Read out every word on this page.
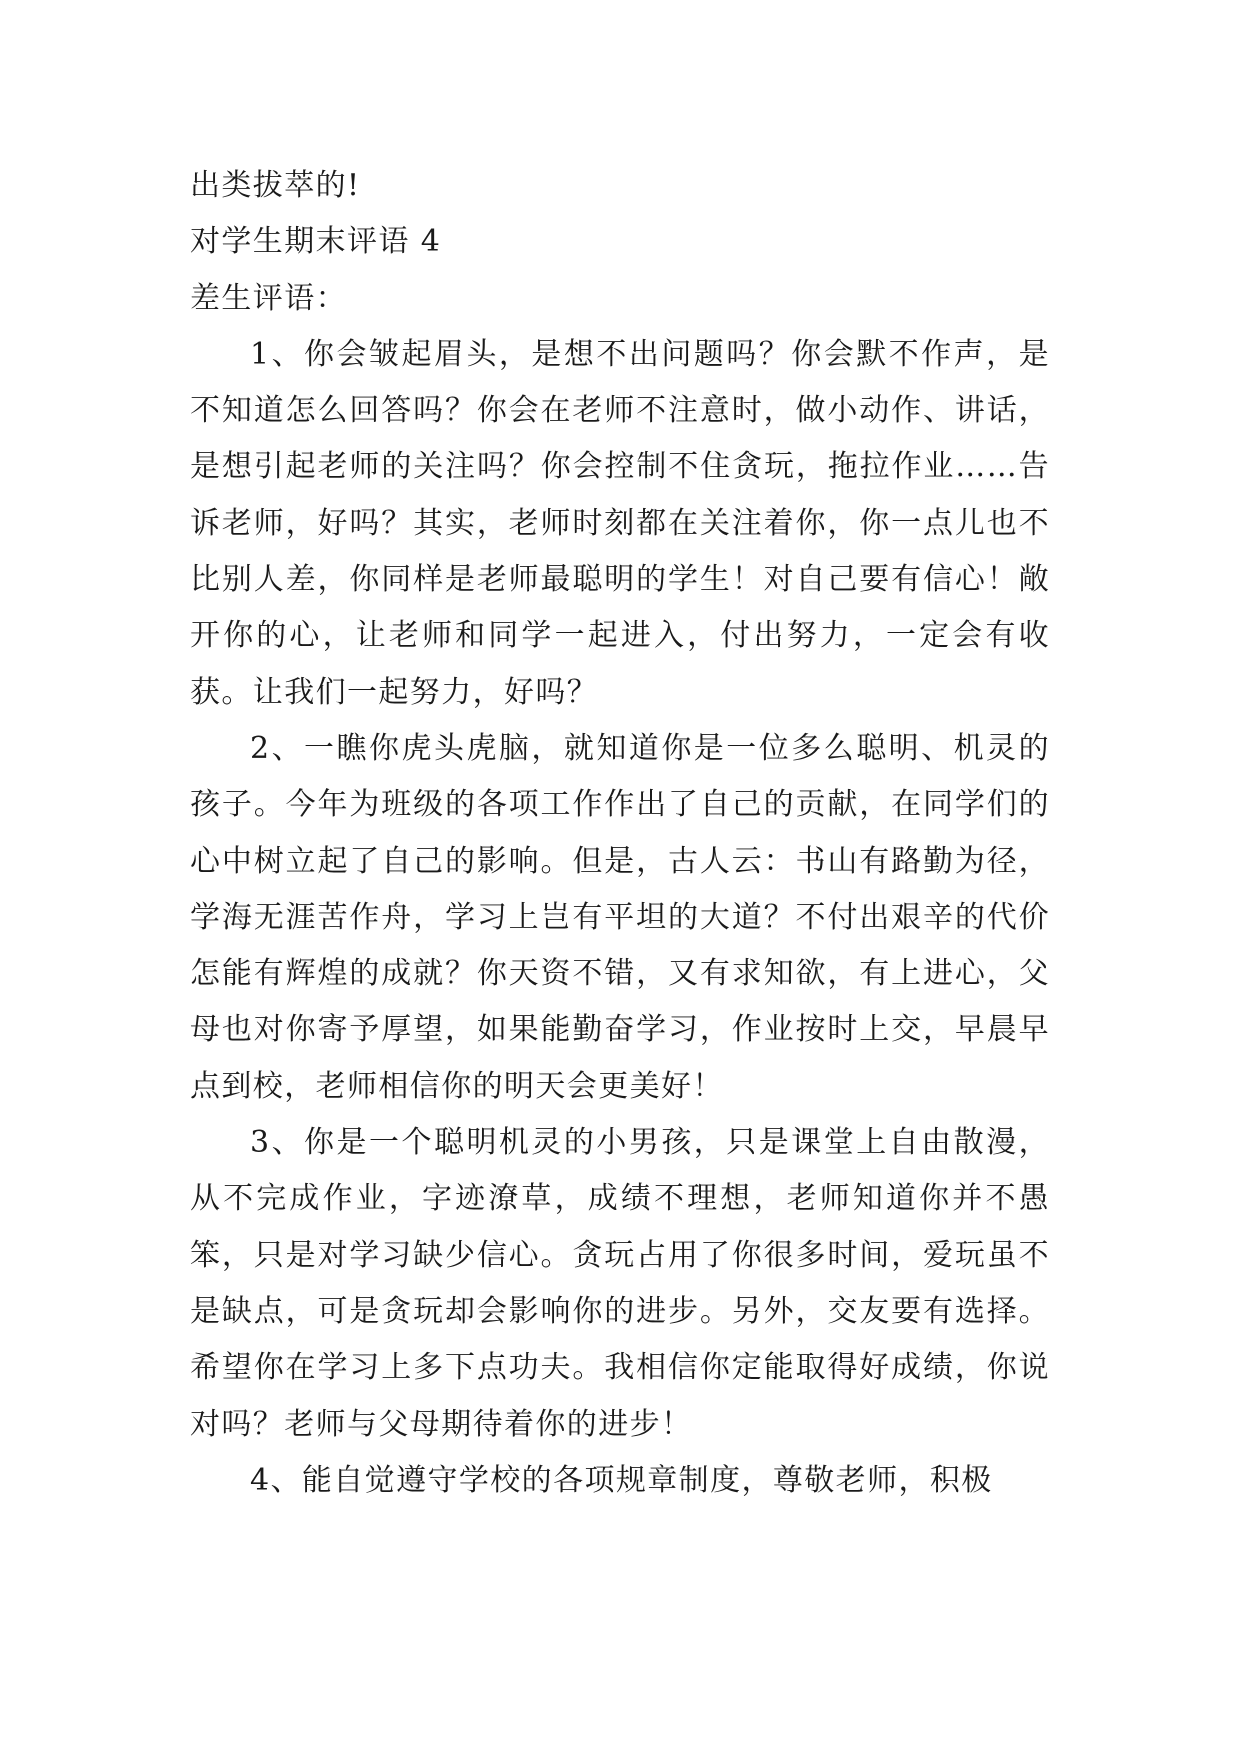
出类拔萃的!

对学生期末评语 4

差生评语：

1、你会皱起眉头，是想不出问题吗？你会默不作声，是不知道怎么回答吗？你会在老师不注意时，做小动作、讲话，是想引起老师的关注吗？你会控制不住贪玩，拖拉作业……告诉老师，好吗？其实，老师时刻都在关注着你，你一点儿也不比别人差，你同样是老师最聪明的学生！对自己要有信心！敞开你的心，让老师和同学一起进入，付出努力，一定会有收获。让我们一起努力，好吗？

2、一瞧你虎头虎脑，就知道你是一位多么聪明、机灵的孩子。今年为班级的各项工作作出了自己的贡献，在同学们的心中树立起了自己的影响。但是，古人云：书山有路勤为径，学海无涯苦作舟，学习上岂有平坦的大道？不付出艰辛的代价怎能有辉煌的成就？你天资不错，又有求知欲，有上进心，父母也对你寄予厚望，如果能勤奋学习，作业按时上交，早晨早点到校，老师相信你的明天会更美好！

3、你是一个聪明机灵的小男孩，只是课堂上自由散漫，从不完成作业，字迹潦草，成绩不理想，老师知道你并不愚笨，只是对学习缺少信心。贪玩占用了你很多时间，爱玩虽不是缺点，可是贪玩却会影响你的进步。另外，交友要有选择。希望你在学习上多下点功夫。我相信你定能取得好成绩，你说对吗？老师与父母期待着你的进步！

4、能自觉遵守学校的各项规章制度，尊敬老师，积极
